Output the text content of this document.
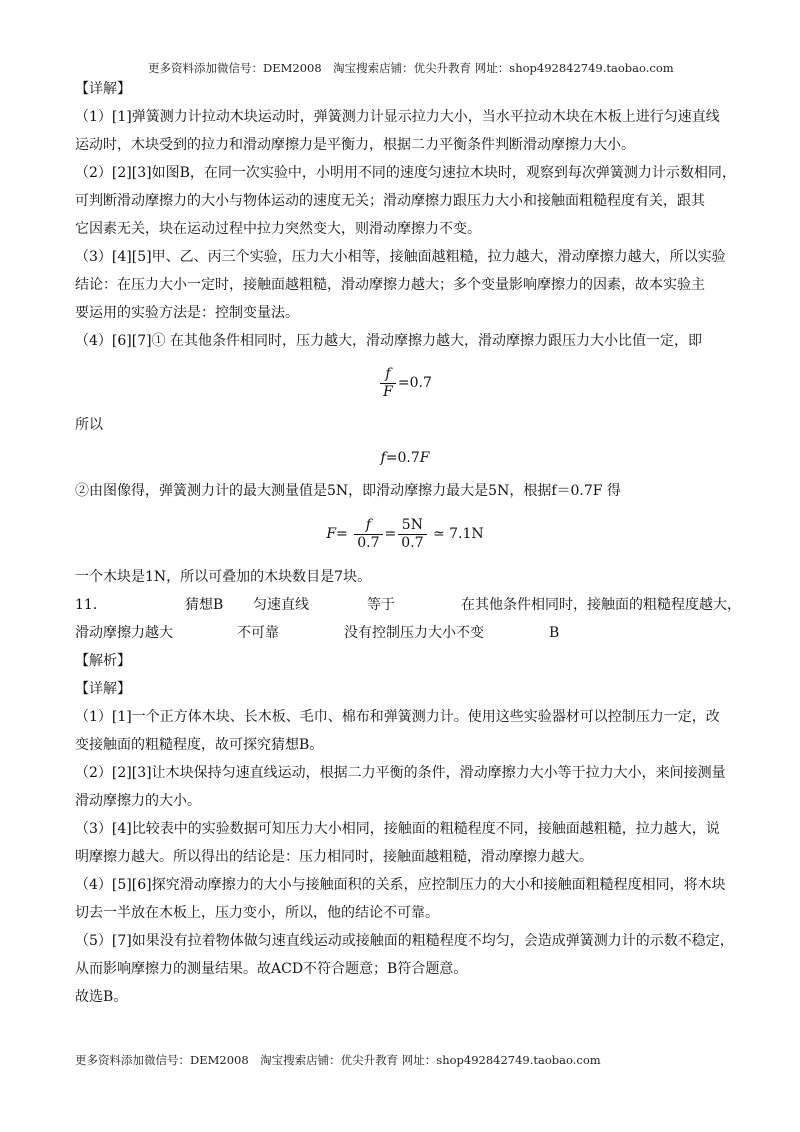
更多资料添加微信号：DEM2008　淘宝搜索店铺：优尖升教育 网址：shop492842749.taobao.com
【详解】
（1）[1]弹簧测力计拉动木块运动时，弹簧测力计显示拉力大小，当水平拉动木块在木板上进行匀速直线
运动时，木块受到的拉力和滑动摩擦力是平衡力，根据二力平衡条件判断滑动摩擦力大小。
（2）[2][3]如图B，在同一次实验中，小明用不同的速度匀速拉木块时，观察到每次弹簧测力计示数相同，
可判断滑动摩擦力的大小与物体运动的速度无关；滑动摩擦力跟压力大小和接触面粗糙程度有关，跟其
它因素无关，块在运动过程中拉力突然变大，则滑动摩擦力不变。
（3）[4][5]甲、乙、丙三个实验，压力大小相等，接触面越粗糙，拉力越大，滑动摩擦力越大，所以实验
结论：在压力大小一定时，接触面越粗糙，滑动摩擦力越大；多个变量影响摩擦力的因素，故本实验主
要运用的实验方法是：控制变量法。
（4）[6][7]① 在其他条件相同时，压力越大，滑动摩擦力越大，滑动摩擦力跟压力大小比值一定，即
$\frac{f}{F} =0.7$
所以
f=0.7F
②由图像得，弹簧测力计的最大测量值是5N，即滑动摩擦力最大是5N，根据f＝0.7F 得
$F= \frac{f}{0.7} = \frac{5N}{0.7}$ ≃ 7.1N
一个木块是1N，所以可叠加的木块数目是7块。
11．	猜想B 匀速直线	等于	在其他条件相同时，接触面的粗糙程度越大，
滑动摩擦力越大	不可靠	没有控制压力大小不变	B
【解析】
【详解】
（1）[1]一个正方体木块、长木板、毛巾、棉布和弹簧测力计。使用这些实验器材可以控制压力一定，改
变接触面的粗糙程度，故可探究猜想B。
（2）[2][3]让木块保持匀速直线运动，根据二力平衡的条件，滑动摩擦力大小等于拉力大小，来间接测量
滑动摩擦力的大小。
（3）[4]比较表中的实验数据可知压力大小相同，接触面的粗糙程度不同，接触面越粗糙，拉力越大，说
明摩擦力越大。所以得出的结论是：压力相同时，接触面越粗糙，滑动摩擦力越大。
（4）[5][6]探究滑动摩擦力的大小与接触面积的关系，应控制压力的大小和接触面粗糙程度相同，将木块
切去一半放在木板上，压力变小，所以，他的结论不可靠。
（5）[7]如果没有拉着物体做匀速直线运动或接触面的粗糙程度不均匀，会造成弹簧测力计的示数不稳定，
从而影响摩擦力的测量结果。故ACD不符合题意；B符合题意。
故选B。
更多资料添加微信号：DEM2008　淘宝搜索店铺：优尖升教育 网址：shop492842749.taobao.com
